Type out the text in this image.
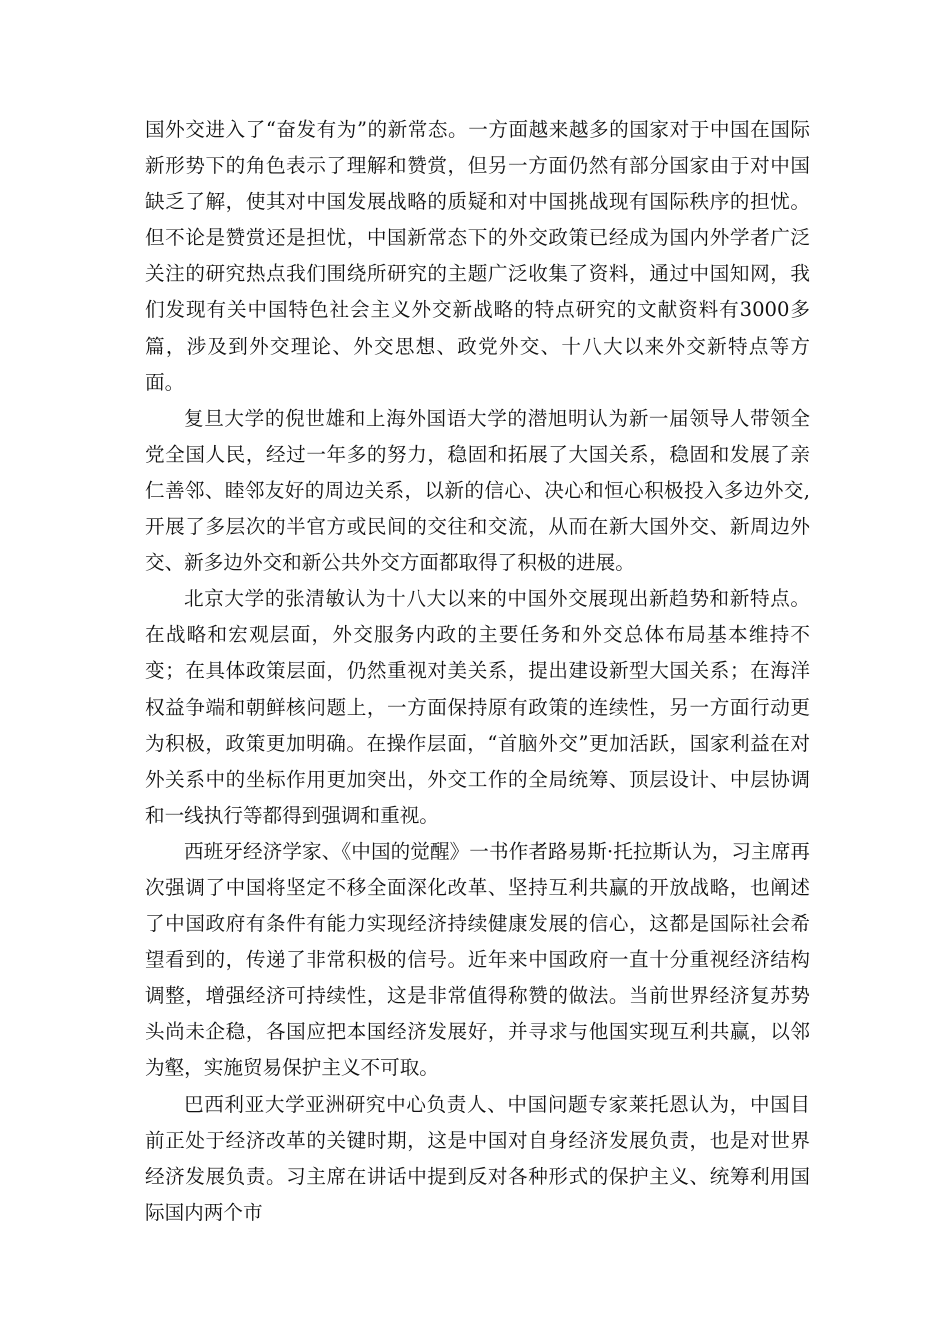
国外交进入了“奋发有为”的新常态。一方面越来越多的国家对于中国在国际新形势下的角色表示了理解和赞赏，但另一方面仍然有部分国家由于对中国缺乏了解，使其对中国发展战略的质疑和对中国挑战现有国际秩序的担忧。但不论是赞赏还是担忧，中国新常态下的外交政策已经成为国内外学者广泛关注的研究热点我们围绕所研究的主题广泛收集了资料，通过中国知网，我们发现有关中国特色社会主义外交新战略的特点研究的文献资料有3000多篇，涉及到外交理论、外交思想、政党外交、十八大以来外交新特点等方面。

复旦大学的倪世雄和上海外国语大学的潜旭明认为新一届领导人带领全党全国人民，经过一年多的努力，稳固和拓展了大国关系，稳固和发展了亲仁善邻、睦邻友好的周边关系，以新的信心、决心和恒心积极投入多边外交,开展了多层次的半官方或民间的交往和交流，从而在新大国外交、新周边外交、新多边外交和新公共外交方面都取得了积极的进展。

北京大学的张清敏认为十八大以来的中国外交展现出新趋势和新特点。在战略和宏观层面，外交服务内政的主要任务和外交总体布局基本维持不变；在具体政策层面，仍然重视对美关系，提出建设新型大国关系；在海洋权益争端和朝鲜核问题上，一方面保持原有政策的连续性，另一方面行动更为积极，政策更加明确。在操作层面，“首脑外交”更加活跃，国家利益在对外关系中的坐标作用更加突出，外交工作的全局统筹、顶层设计、中层协调和一线执行等都得到强调和重视。

西班牙经济学家、《中国的觉醒》一书作者路易斯·托拉斯认为，习主席再次强调了中国将坚定不移全面深化改革、坚持互利共赢的开放战略，也阐述了中国政府有条件有能力实现经济持续健康发展的信心，这都是国际社会希望看到的，传递了非常积极的信号。近年来中国政府一直十分重视经济结构调整，增强经济可持续性，这是非常值得称赞的做法。当前世界经济复苏势头尚未企稳，各国应把本国经济发展好，并寻求与他国实现互利共赢，以邻为壑，实施贸易保护主义不可取。

巴西利亚大学亚洲研究中心负责人、中国问题专家莱托恩认为，中国目前正处于经济改革的关键时期，这是中国对自身经济发展负责，也是对世界经济发展负责。习主席在讲话中提到反对各种形式的保护主义、统筹利用国际国内两个市
